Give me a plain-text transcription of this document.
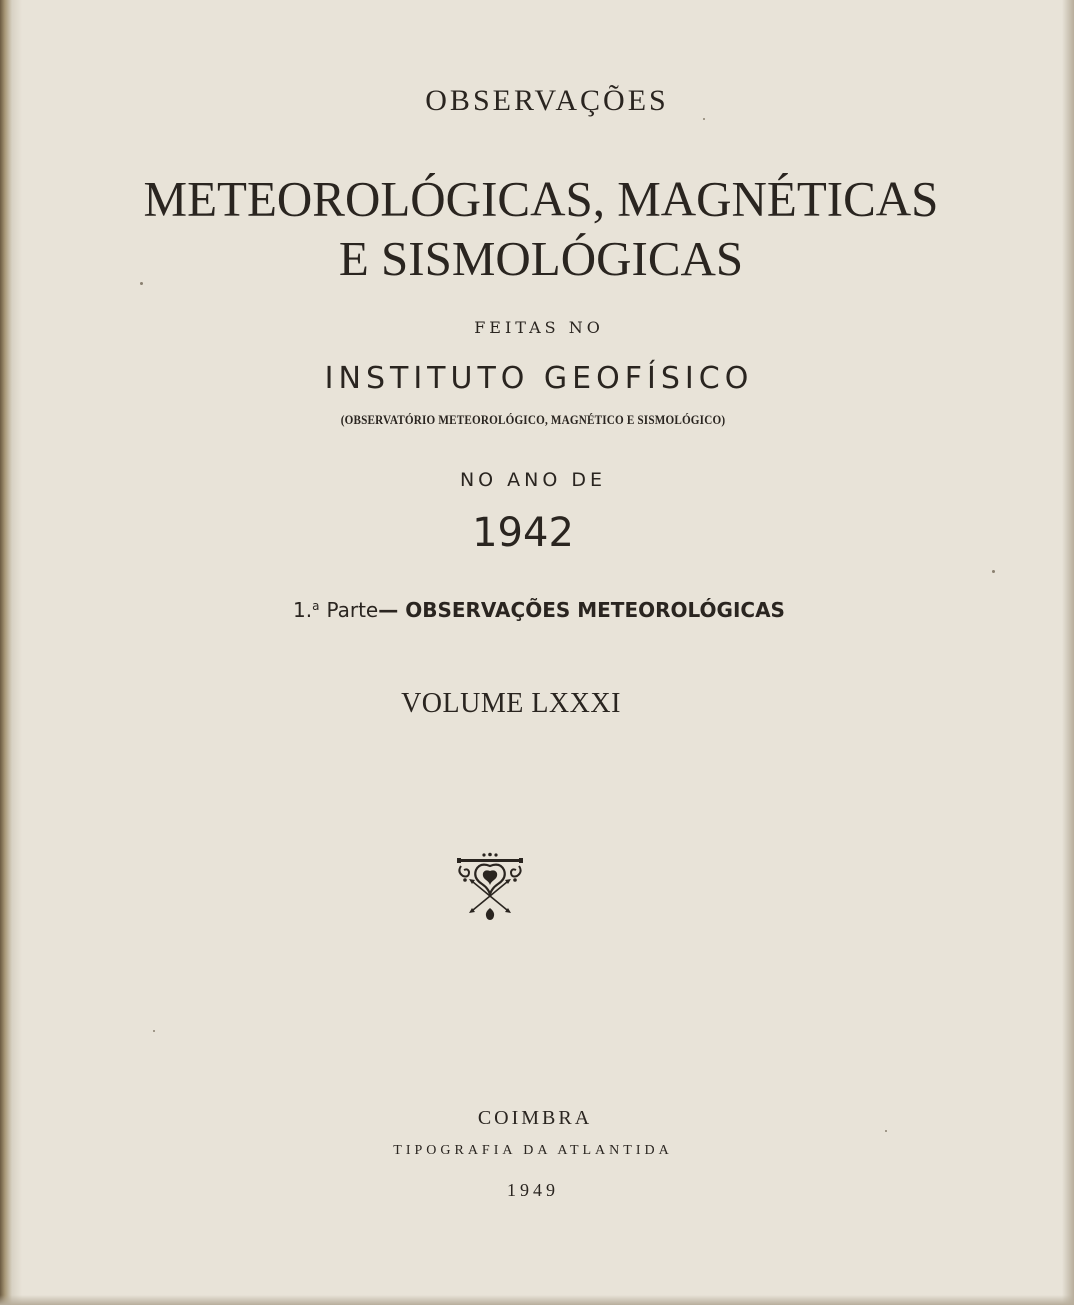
OBSERVAÇÕES

METEOROLÓGICAS, MAGNÉTICAS

E SISMOLÓGICAS

FEITAS NO

INSTITUTO GEOFÍSICO

(OBSERVATÓRIO METEOROLÓGICO, MAGNÉTICO E SISMOLÓGICO)

NO ANO DE

1942

1.$^a$ Parte— OBSERVAÇÕES METEOROLÓGICAS

VOLUME LXXXI

COIMBRA

TIPOGRAFIA DA ATLANTIDA

1949
